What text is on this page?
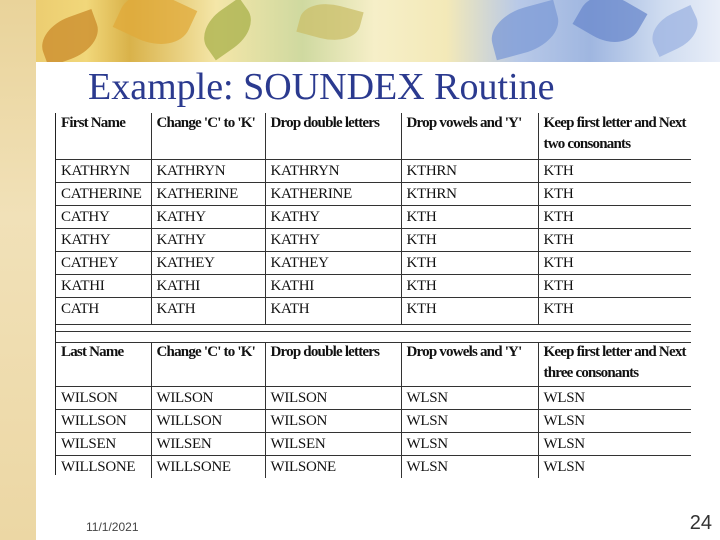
Example: SOUNDEX Routine
First Name	Change 'C' to 'K'	Drop double letters	Drop vowels and 'Y'	Keep first letter and Next two consonants
KATHRYN	KATHRYN	KATHRYN	KTHRN	KTH
CATHERINE	KATHERINE	KATHERINE	KTHRN	KTH
CATHY	KATHY	KATHY	KTH	KTH
KATHY	KATHY	KATHY	KTH	KTH
CATHEY	KATHEY	KATHEY	KTH	KTH
KATHI	KATHI	KATHI	KTH	KTH
CATH	KATH	KATH	KTH	KTH
Last Name	Change 'C' to 'K'	Drop double letters	Drop vowels and 'Y'	Keep first letter and Next three consonants
WILSON	WILSON	WILSON	WLSN	WLSN
WILLSON	WILLSON	WILSON	WLSN	WLSN
WILSEN	WILSEN	WILSEN	WLSN	WLSN
WILLSONE	WILLSONE	WILSONE	WLSN	WLSN
11/1/2021	24
